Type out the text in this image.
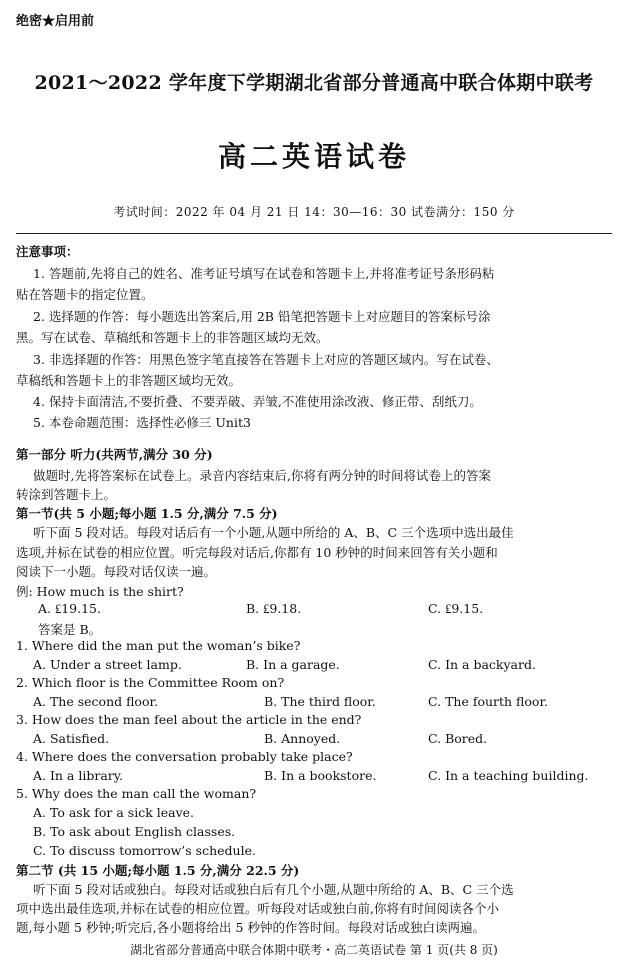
绝密★启用前
2021～2022 学年度下学期湖北省部分普通高中联合体期中联考
高二英语试卷
考试时间：2022 年 04 月 21 日 14：30—16：30 试卷满分：150 分
注意事项：
1. 答题前,先将自己的姓名、准考证号填写在试卷和答题卡上,并将准考证号条形码粘
贴在答题卡的指定位置。
2. 选择题的作答：每小题选出答案后,用 2B 铅笔把答题卡上对应题目的答案标号涂
黑。写在试卷、草稿纸和答题卡上的非答题区域均无效。
3. 非选择题的作答：用黑色签字笔直接答在答题卡上对应的答题区域内。写在试卷、
草稿纸和答题卡上的非答题区域均无效。
4. 保持卡面清洁,不要折叠、不要弄破、弄皱,不准使用涂改液、修正带、刮纸刀。
5. 本卷命题范围：选择性必修三 Unit3
第一部分 听力(共两节,满分 30 分)
做题时,先将答案标在试卷上。录音内容结束后,你将有两分钟的时间将试卷上的答案
转涂到答题卡上。
第一节(共 5 小题;每小题 1.5 分,满分 7.5 分)
听下面 5 段对话。每段对话后有一个小题,从题中所给的 A、B、C 三个选项中选出最佳
选项,并标在试卷的相应位置。听完每段对话后,你都有 10 秒钟的时间来回答有关小题和
阅读下一小题。每段对话仅读一遍。
例: How much is the shirt?
A. ₤19.15.	B. ₤9.18.	C. ₤9.15.
答案是 B。
1. Where did the man put the woman’s bike?
A. Under a street lamp.	B. In a garage.	C. In a backyard.
2. Which floor is the Committee Room on?
A. The second floor.	B. The third floor.	C. The fourth floor.
3. How does the man feel about the article in the end?
A. Satisfied.	B. Annoyed.	C. Bored.
4. Where does the conversation probably take place?
A. In a library.	B. In a bookstore.	C. In a teaching building.
5. Why does the man call the woman?
A. To ask for a sick leave.
B. To ask about English classes.
C. To discuss tomorrow’s schedule.
第二节 (共 15 小题;每小题 1.5 分,满分 22.5 分)
听下面 5 段对话或独白。每段对话或独白后有几个小题,从题中所给的 A、B、C 三个选
项中选出最佳选项,并标在试卷的相应位置。听每段对话或独白前,你将有时间阅读各个小
题,每小题 5 秒钟;听完后,各小题将给出 5 秒钟的作答时间。每段对话或独白读两遍。
湖北省部分普通高中联合体期中联考・高二英语试卷 第 1 页(共 8 页)
